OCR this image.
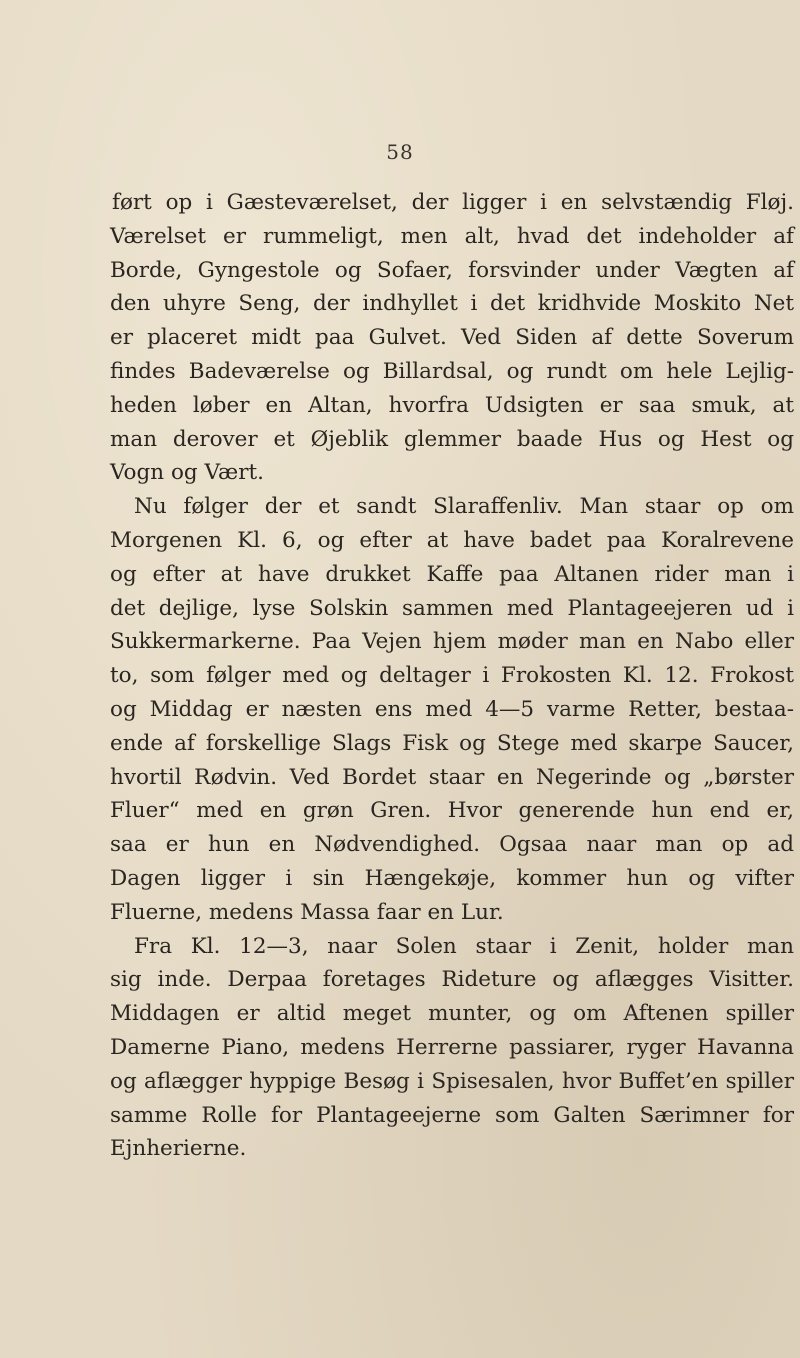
58
ført op i Gæsteværelset, der ligger i en selvstændig Fløj.
Værelset er rummeligt, men alt, hvad det indeholder af
Borde, Gyngestole og Sofaer, forsvinder under Vægten af
den uhyre Seng, der indhyllet i det kridhvide Moskito Net
er placeret midt paa Gulvet. Ved Siden af dette Soverum
findes Badeværelse og Billardsal, og rundt om hele Lejlig-
heden løber en Altan, hvorfra Udsigten er saa smuk, at
man derover et Øjeblik glemmer baade Hus og Hest og
Vogn og Vært.
Nu følger der et sandt Slaraffenliv. Man staar op om
Morgenen Kl. 6, og efter at have badet paa Koralrevene
og efter at have drukket Kaffe paa Altanen rider man i
det dejlige, lyse Solskin sammen med Plantageejeren ud i
Sukkermarkerne. Paa Vejen hjem møder man en Nabo eller
to, som følger med og deltager i Frokosten Kl. 12. Frokost
og Middag er næsten ens med 4—5 varme Retter, bestaa-
ende af forskellige Slags Fisk og Stege med skarpe Saucer,
hvortil Rødvin. Ved Bordet staar en Negerinde og „børster
Fluer“ med en grøn Gren. Hvor generende hun end er,
saa er hun en Nødvendighed. Ogsaa naar man op ad
Dagen ligger i sin Hængekøje, kommer hun og vifter
Fluerne, medens Massa faar en Lur.
Fra Kl. 12—3, naar Solen staar i Zenit, holder man
sig inde. Derpaa foretages Rideture og aflægges Visitter.
Middagen er altid meget munter, og om Aftenen spiller
Damerne Piano, medens Herrerne passiarer, ryger Havanna
og aflægger hyppige Besøg i Spisesalen, hvor Buffet’en spiller
samme Rolle for Plantageejerne som Galten Særimner for
Ejnherierne.
